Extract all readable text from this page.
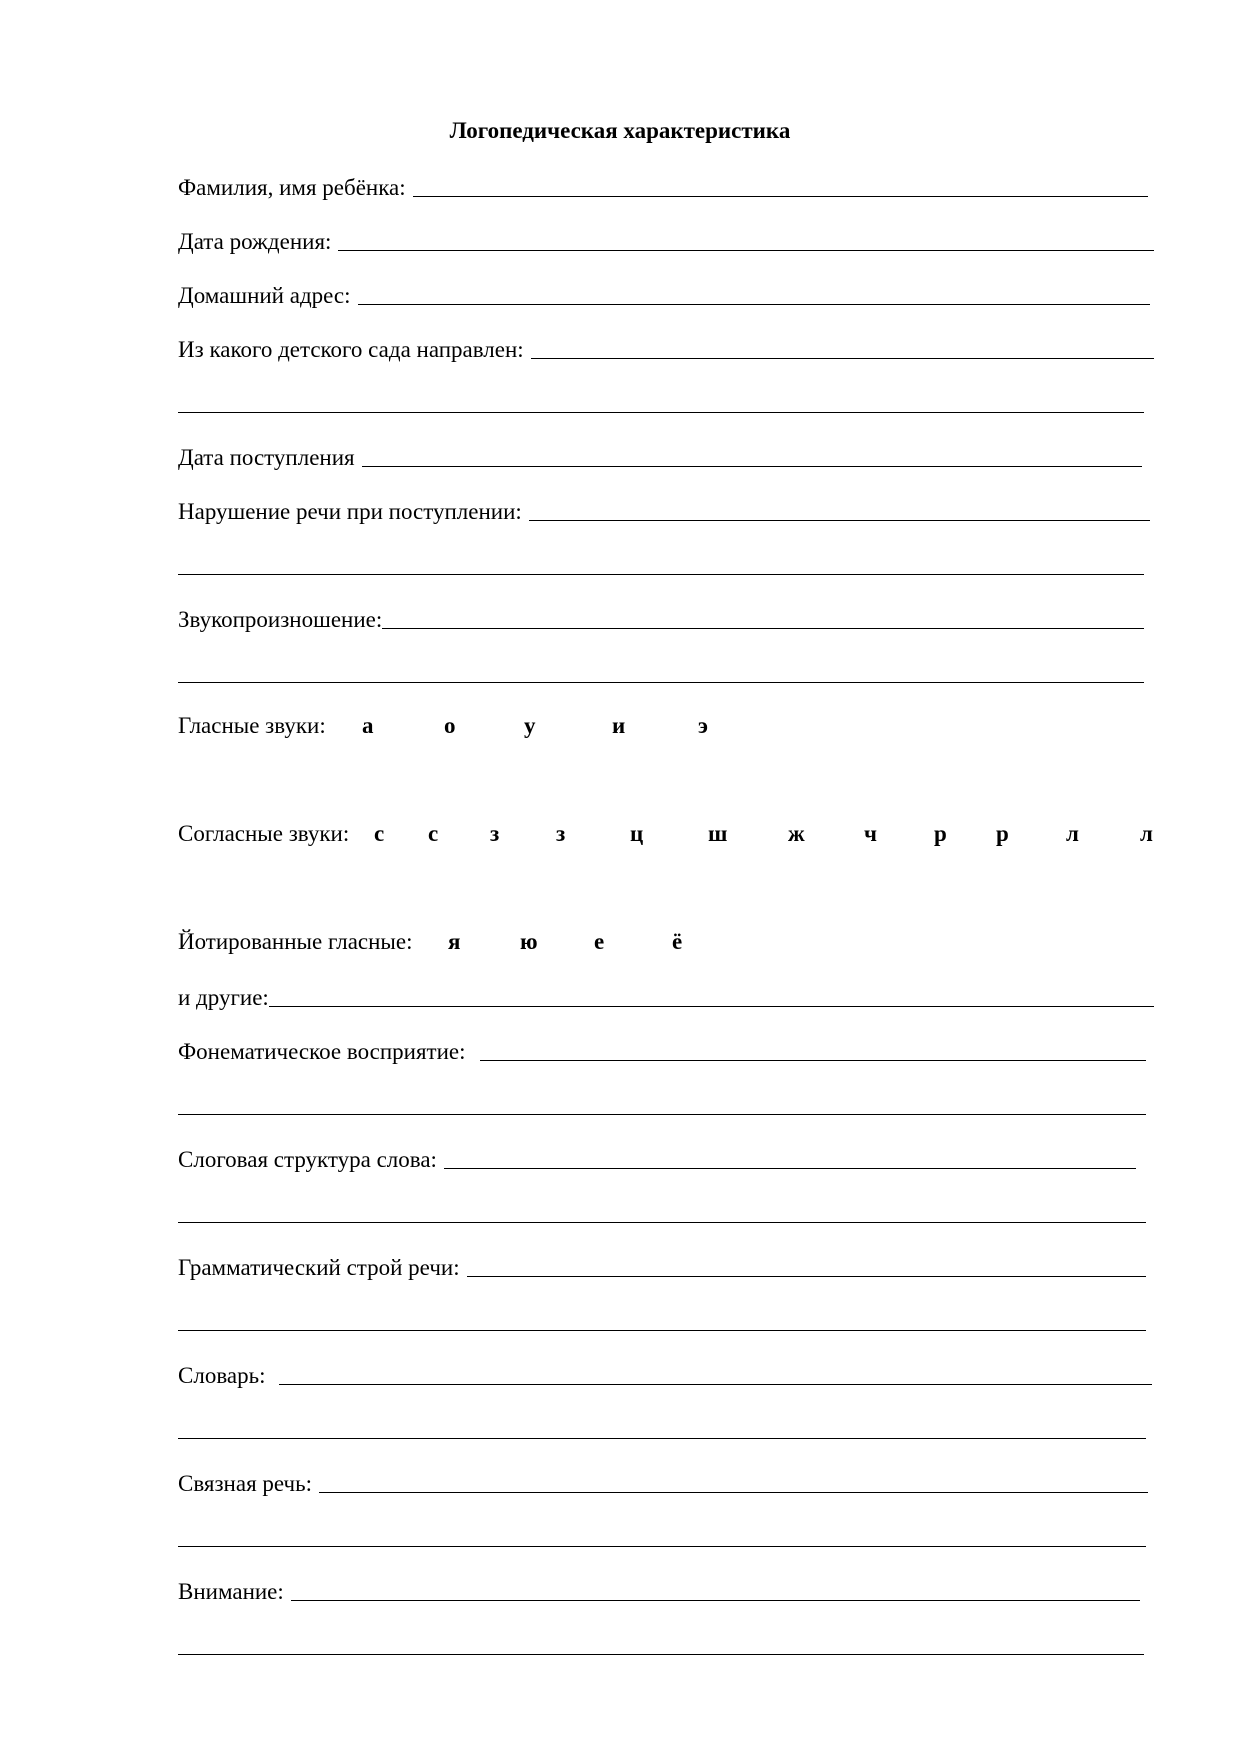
Логопедическая характеристика
Фамилия, имя ребёнка:
Дата рождения:
Домашний адрес:
Из какого детского сада направлен:
Дата поступления
Нарушение речи при поступлении:
Звукопроизношение:
Гласные звуки: а	о	у	и	э
Согласные звуки: с с з з	ц	ш	ж	ч р р л	л
Йотированные гласные: я	ю е	ё
и другие:
Фонематическое восприятие:
Слоговая структура слова:
Грамматический строй речи:
Словарь:
Связная речь:
Внимание:
